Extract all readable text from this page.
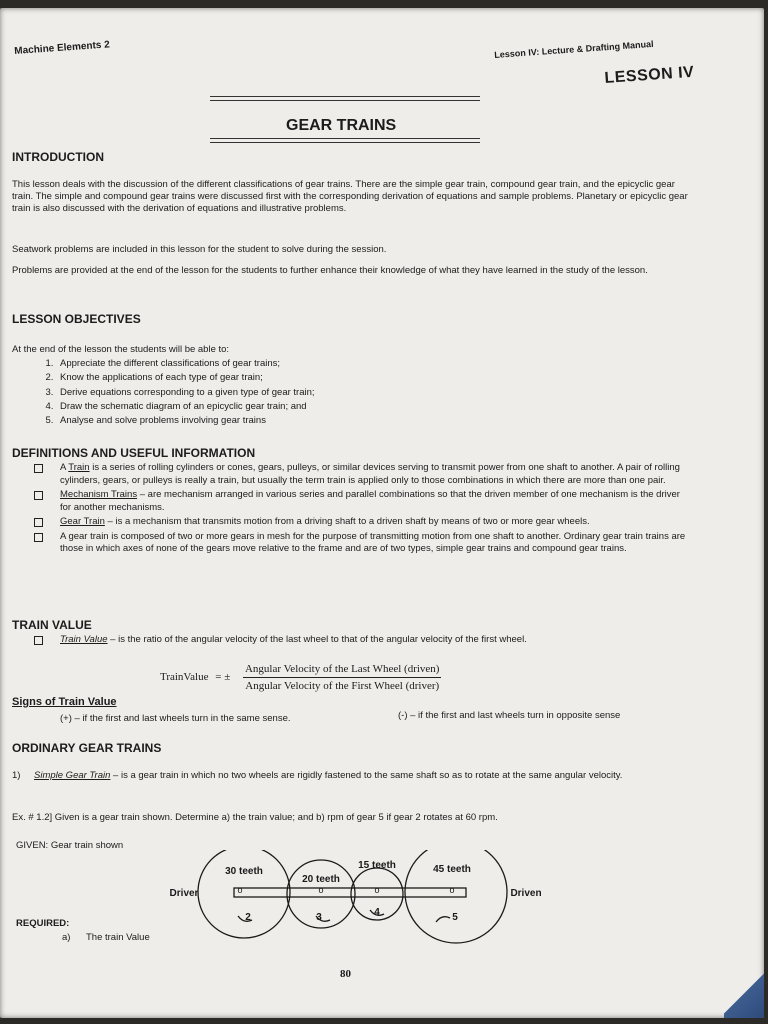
Machine Elements 2	Lesson IV: Lecture & Drafting Manual
LESSON IV
GEAR TRAINS
INTRODUCTION

This lesson deals with the discussion of the different classifications of gear trains. There are the simple gear train, compound gear train, and the epicyclic gear train. The simple and compound gear trains were discussed first with the corresponding derivation of equations and sample problems. Planetary or epicyclic gear train is also discussed with the derivation of equations and illustrative problems.

Seatwork problems are included in this lesson for the student to solve during the session.

Problems are provided at the end of the lesson for the students to further enhance their knowledge of what they have learned in the study of the lesson.

LESSON OBJECTIVES

At the end of the lesson the students will be able to:

1. Appreciate the different classifications of gear trains;
2. Know the applications of each type of gear train;
3. Derive equations corresponding to a given type of gear train;
4. Draw the schematic diagram of an epicyclic gear train; and
5. Analyse and solve problems involving gear trains
DEFINITIONS AND USEFUL INFORMATION
A Train is a series of rolling cylinders or cones, gears, pulleys, or similar devices serving to transmit power from one shaft to another. A pair of rolling cylinders, gears, or pulleys is really a train, but usually the term train is applied only to those combinations in which there are more than one pair.
Mechanism Trains – are mechanism arranged in various series and parallel combinations so that the driven member of one mechanism is the driver for another mechanisms.
Gear Train – is a mechanism that transmits motion from a driving shaft to a driven shaft by means of two or more gear wheels.
A gear train is composed of two or more gears in mesh for the purpose of transmitting motion from one shaft to another. Ordinary gear train trains are those in which axes of none of the gears move relative to the frame and are of two types, simple gear trains and compound gear trains.
TRAIN VALUE
Train Value – is the ratio of the angular velocity of the last wheel to that of the angular velocity of the first wheel.
TrainValue = ± $\frac{\text{Angular Velocity of the Last Wheel (driven)}}{\text{Angular Velocity of the First Wheel (driver)}}$
Signs of Train Value
(+) – if the first and last wheels turn in the same sense.	(-) – if the first and last wheels turn in opposite sense
ORDINARY GEAR TRAINS
1) Simple Gear Train – is a gear train in which no two wheels are rigidly fastened to the same shaft so as to rotate at the same angular velocity.
Ex. # 1.2] Given is a gear train shown. Determine a) the train value; and b) rpm of gear 5 if gear 2 rotates at 60 rpm.
GIVEN: Gear train shown
o	o	o	o
30 teeth
20 teeth
15 teeth	45 teeth
2	3	4	5
Driver	Driven
REQUIRED:
a) The train Value
80
